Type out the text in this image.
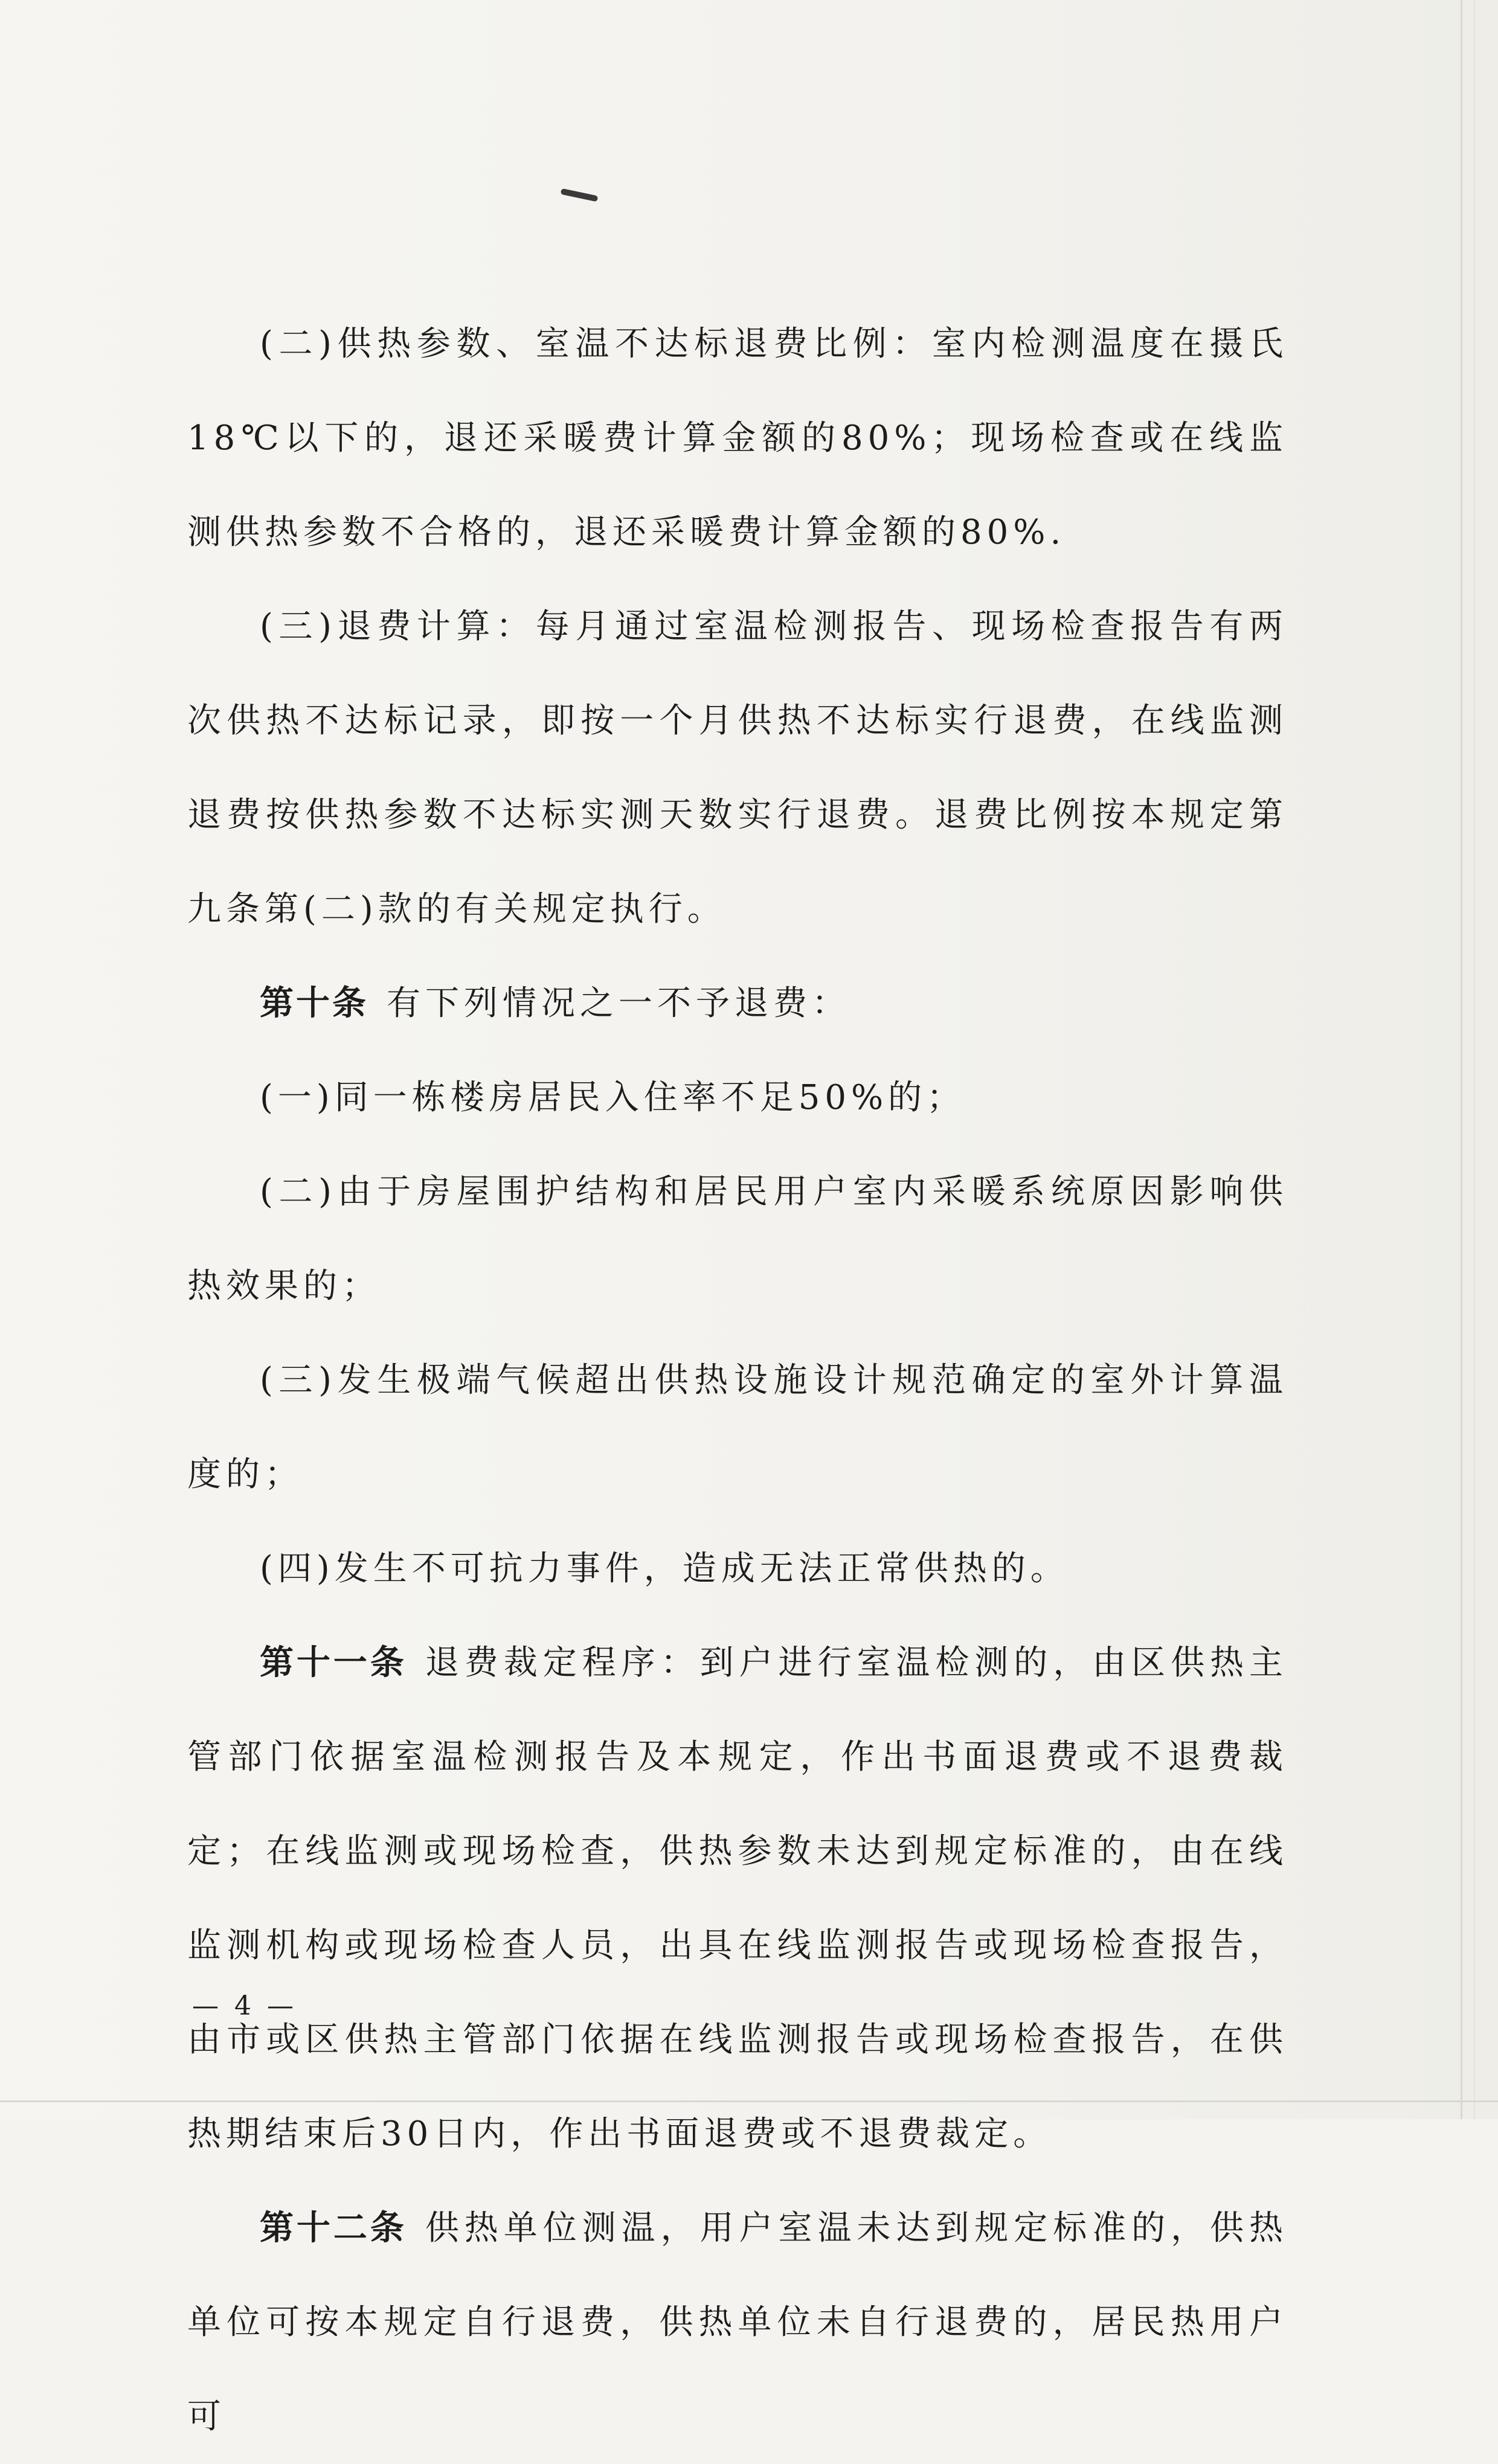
(二)供热参数、室温不达标退费比例：室内检测温度在摄氏18℃以下的，退还采暖费计算金额的80%；现场检查或在线监测供热参数不合格的，退还采暖费计算金额的80%.

(三)退费计算：每月通过室温检测报告、现场检查报告有两次供热不达标记录，即按一个月供热不达标实行退费，在线监测退费按供热参数不达标实测天数实行退费。退费比例按本规定第九条第(二)款的有关规定执行。

第十条 有下列情况之一不予退费：

(一)同一栋楼房居民入住率不足50%的；

(二)由于房屋围护结构和居民用户室内采暖系统原因影响供热效果的；

(三)发生极端气候超出供热设施设计规范确定的室外计算温度的；

(四)发生不可抗力事件，造成无法正常供热的。

第十一条 退费裁定程序：到户进行室温检测的，由区供热主管部门依据室温检测报告及本规定，作出书面退费或不退费裁定；在线监测或现场检查，供热参数未达到规定标准的，由在线监测机构或现场检查人员，出具在线监测报告或现场检查报告，由市或区供热主管部门依据在线监测报告或现场检查报告，在供热期结束后30日内，作出书面退费或不退费裁定。

第十二条 供热单位测温，用户室温未达到规定标准的，供热单位可按本规定自行退费，供热单位未自行退费的，居民热用户可

— 4 —
